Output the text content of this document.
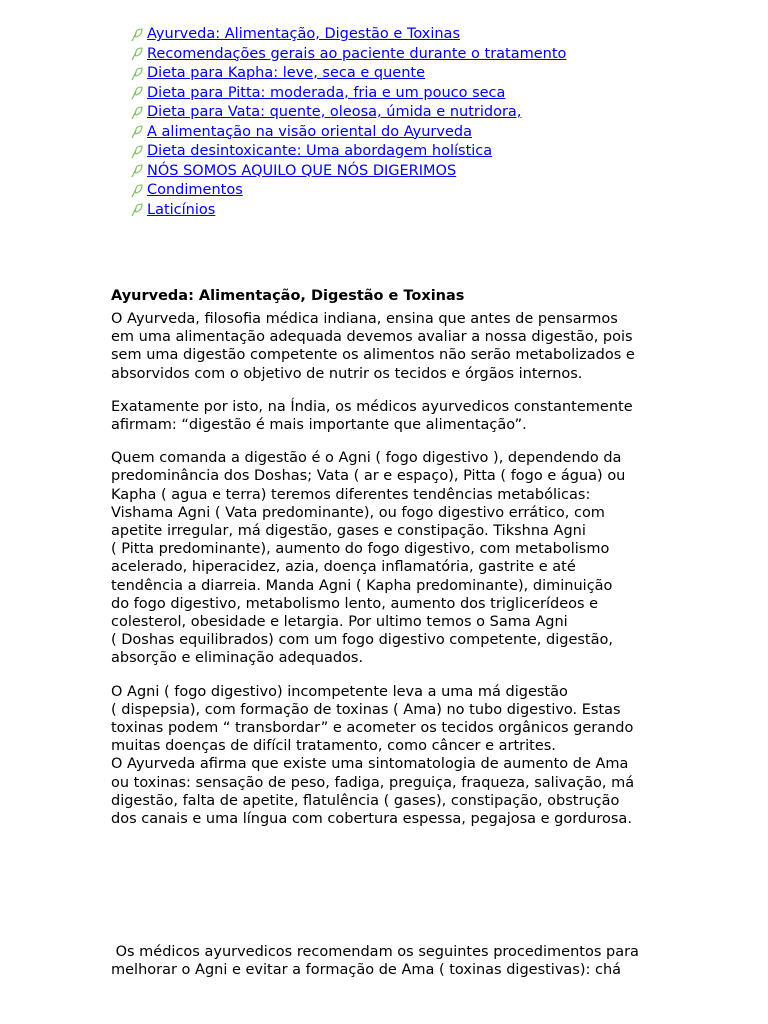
Ayurveda: Alimentação, Digestão e Toxinas
Recomendações gerais ao paciente durante o tratamento
Dieta para Kapha: leve, seca e quente
Dieta para Pitta: moderada, fria e um pouco seca
Dieta para Vata: quente, oleosa, úmida e nutridora,
A alimentação na visão oriental do Ayurveda
Dieta desintoxicante: Uma abordagem holística
NÓS SOMOS AQUILO QUE NÓS DIGERIMOS
Condimentos
Laticínios
Ayurveda: Alimentação, Digestão e Toxinas

O Ayurveda, filosofia médica indiana, ensina que antes de pensarmos
em uma alimentação adequada devemos avaliar a nossa digestão, pois
sem uma digestão competente os alimentos não serão metabolizados e
absorvidos com o objetivo de nutrir os tecidos e órgãos internos.

Exatamente por isto, na Índia, os médicos ayurvedicos constantemente
afirmam: “digestão é mais importante que alimentação”.

Quem comanda a digestão é o Agni ( fogo digestivo ), dependendo da
predominância dos Doshas; Vata ( ar e espaço), Pitta ( fogo e água) ou
Kapha ( agua e terra) teremos diferentes tendências metabólicas:
Vishama Agni ( Vata predominante), ou fogo digestivo errático, com
apetite irregular, má digestão, gases e constipação. Tikshna Agni
( Pitta predominante), aumento do fogo digestivo, com metabolismo
acelerado, hiperacidez, azia, doença inflamatória, gastrite e até
tendência a diarreia. Manda Agni ( Kapha predominante), diminuição
do fogo digestivo, metabolismo lento, aumento dos triglicerídeos e
colesterol, obesidade e letargia. Por ultimo temos o Sama Agni
( Doshas equilibrados) com um fogo digestivo competente, digestão,
absorção e eliminação adequados.

O Agni ( fogo digestivo) incompetente leva a uma má digestão
( dispepsia), com formação de toxinas ( Ama) no tubo digestivo. Estas
toxinas podem “ transbordar” e acometer os tecidos orgânicos gerando
muitas doenças de difícil tratamento, como câncer e artrites.

O Ayurveda afirma que existe uma sintomatologia de aumento de Ama
ou toxinas: sensação de peso, fadiga, preguiça, fraqueza, salivação, má
digestão, falta de apetite, flatulência ( gases), constipação, obstrução
dos canais e uma língua com cobertura espessa, pegajosa e gordurosa.

Os médicos ayurvedicos recomendam os seguintes procedimentos para
melhorar o Agni e evitar a formação de Ama ( toxinas digestivas): chá
